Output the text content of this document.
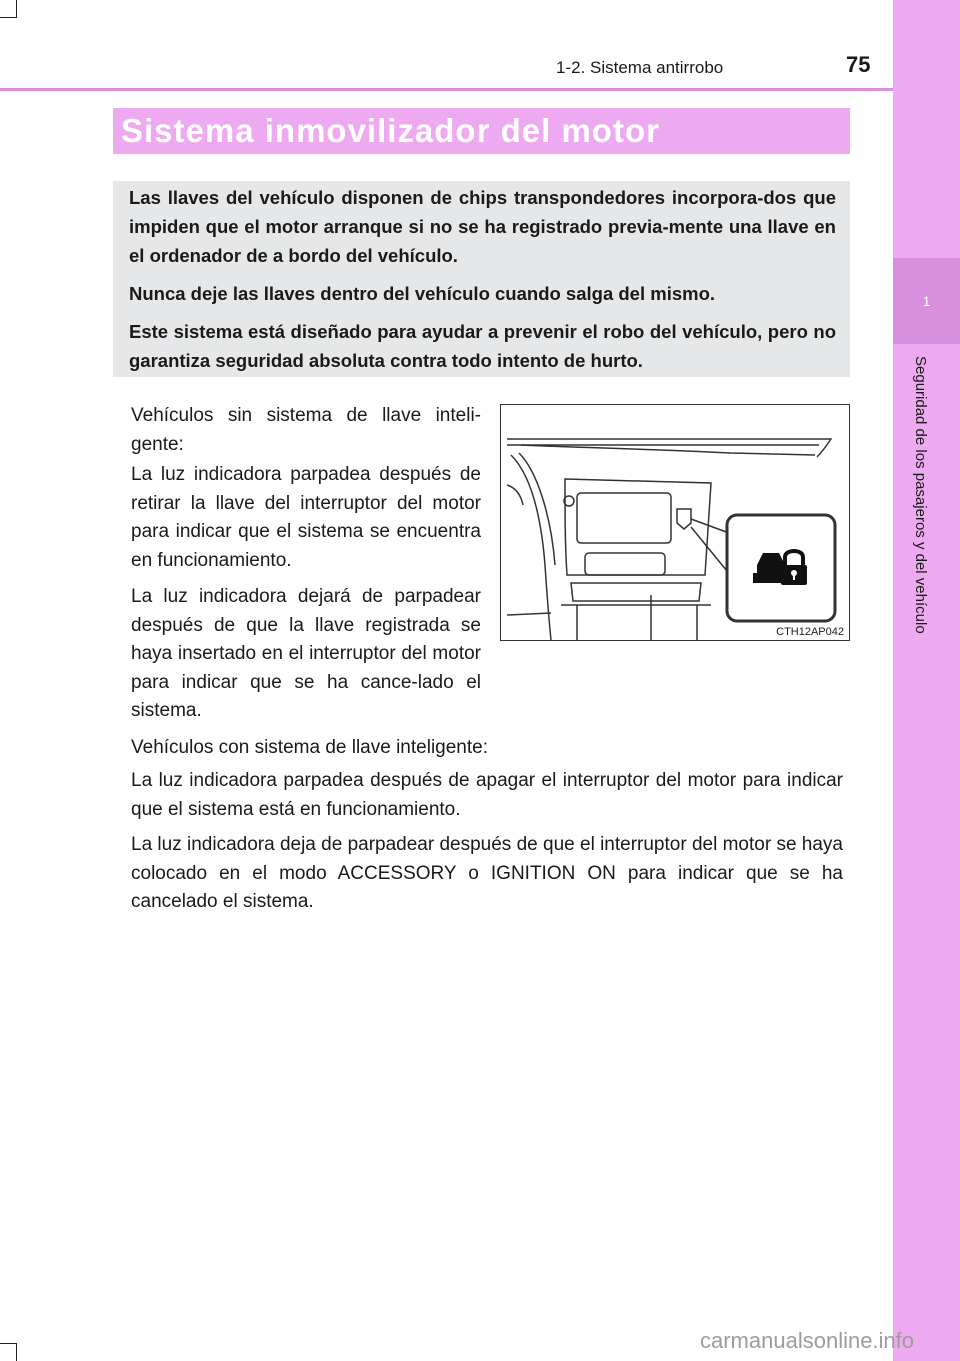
1
Seguridad de los pasajeros y del vehículo
1-2. Sistema antirrobo	75
Sistema inmovilizador del motor

Las llaves del vehículo disponen de chips transpondedores incorpora-dos que impiden que el motor arranque si no se ha registrado previa-mente una llave en el ordenador de a bordo del vehículo.

Nunca deje las llaves dentro del vehículo cuando salga del mismo.

Este sistema está diseñado para ayudar a prevenir el robo del vehículo, pero no garantiza seguridad absoluta contra todo intento de hurto.

Vehículos sin sistema de llave inteli-gente:

La luz indicadora parpadea después de retirar la llave del interruptor del motor para indicar que el sistema se encuentra en funcionamiento.

La luz indicadora dejará de parpadear después de que la llave registrada se haya insertado en el interruptor del motor para indicar que se ha cance-lado el sistema.

CTH12AP042

Vehículos con sistema de llave inteligente:

La luz indicadora parpadea después de apagar el interruptor del motor para indicar que el sistema está en funcionamiento.

La luz indicadora deja de parpadear después de que el interruptor del motor se haya colocado en el modo ACCESSORY o IGNITION ON para indicar que se ha cancelado el sistema.

carmanualsonline.info
